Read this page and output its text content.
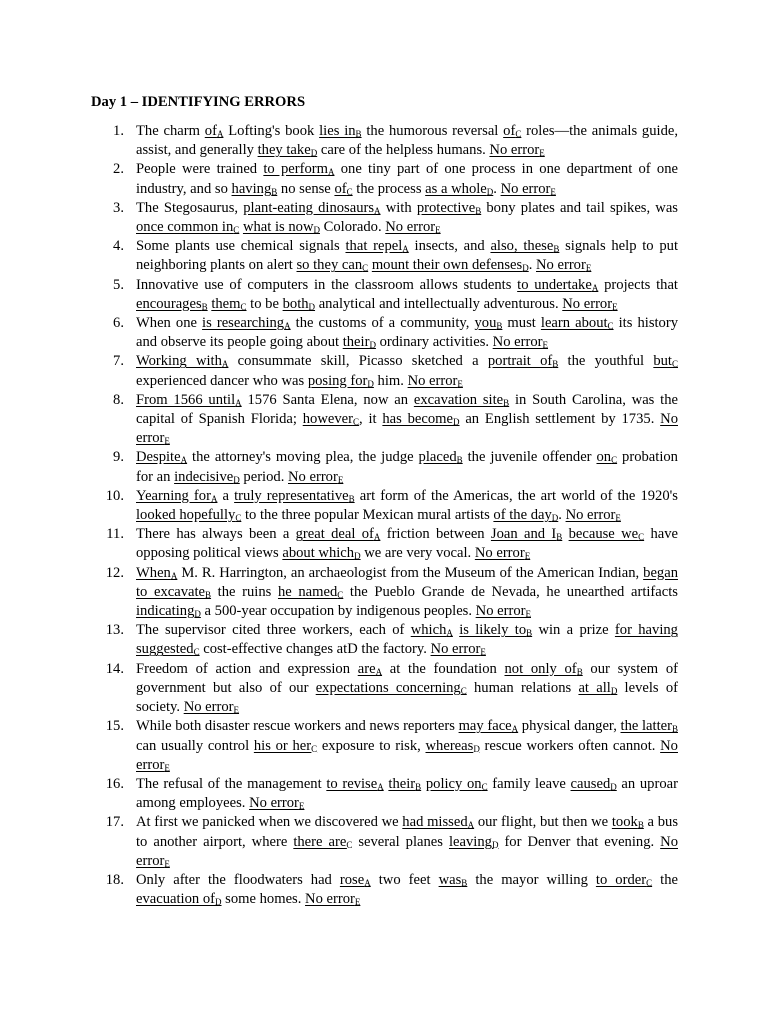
Day 1 – IDENTIFYING ERRORS
1. The charm $of_A$ Lofting's book lies $in_B$ the humorous reversal $of_C$ roles—the animals guide, assist, and generally they take$_D$ care of the helpless humans. No error$_E$
2. People were trained to perform$_A$ one tiny part of one process in one department of one industry, and so having$_B$ no sense $of_C$ the process as a whole$_D$. No error$_E$
3. The Stegosaurus, plant-eating dinosaurs$_A$ with protective$_B$ bony plates and tail spikes, was once common $in_C$ what is now$_D$ Colorado. No error$_E$
4. Some plants use chemical signals that repel$_A$ insects, and also, these$_B$ signals help to put neighboring plants on alert so they can$_C$ mount their own defenses$_D$. No error$_E$
5. Innovative use of computers in the classroom allows students to undertake$_A$ projects that encourages$_B$ them$_C$ to be both$_D$ analytical and intellectually adventurous. No error$_E$
6. When one is researching$_A$ the customs of a community, you$_B$ must learn about$_C$ its history and observe its people going about their$_D$ ordinary activities. No error$_E$
7. Working with$_A$ consummate skill, Picasso sketched a portrait $of_B$ the youthful but$_C$ experienced dancer who was posing for$_D$ him. No error$_E$
8. From 1566 until$_A$ 1576 Santa Elena, now an excavation site$_B$ in South Carolina, was the capital of Spanish Florida; however$_C$, it has become$_D$ an English settlement by 1735. No error$_E$
9. Despite$_A$ the attorney's moving plea, the judge placed$_B$ the juvenile offender $on_C$ probation for an indecisive$_D$ period. No error$_E$
10. Yearning for$_A$ a truly representative$_B$ art form of the Americas, the art world of the 1920's looked hopefully$_C$ to the three popular Mexican mural artists of the day$_D$. No error$_E$
11. There has always been a great deal $of_A$ friction between Joan and $I_B$ because $we_C$ have opposing political views about which$_D$ we are very vocal. No error$_E$
12. When$_A$ M. R. Harrington, an archaeologist from the Museum of the American Indian, began to excavate$_B$ the ruins he named$_C$ the Pueblo Grande de Nevada, he unearthed artifacts indicating$_D$ a 500-year occupation by indigenous peoples. No error$_E$
13. The supervisor cited three workers, each of which$_A$ is likely $to_B$ win a prize for having suggested$_C$ cost-effective changes atD the factory. No error$_E$
14. Freedom of action and expression are$_A$ at the foundation not only $of_B$ our system of government but also of our expectations concerning$_C$ human relations at all$_D$ levels of society. No error$_E$
15. While both disaster rescue workers and news reporters may face$_A$ physical danger, the latter$_B$ can usually control his or her$_C$ exposure to risk, whereas$_D$ rescue workers often cannot. No error$_E$
16. The refusal of the management to revise$_A$ their$_B$ policy $on_C$ family leave caused$_D$ an uproar among employees. No error$_E$
17. At first we panicked when we discovered we had missed$_A$ our flight, but then we took$_B$ a bus to another airport, where there are$_C$ several planes leaving$_D$ for Denver that evening. No error$_E$
18. Only after the floodwaters had rose$_A$ two feet was$_B$ the mayor willing to order$_C$ the evacuation $of_D$ some homes. No error$_E$
